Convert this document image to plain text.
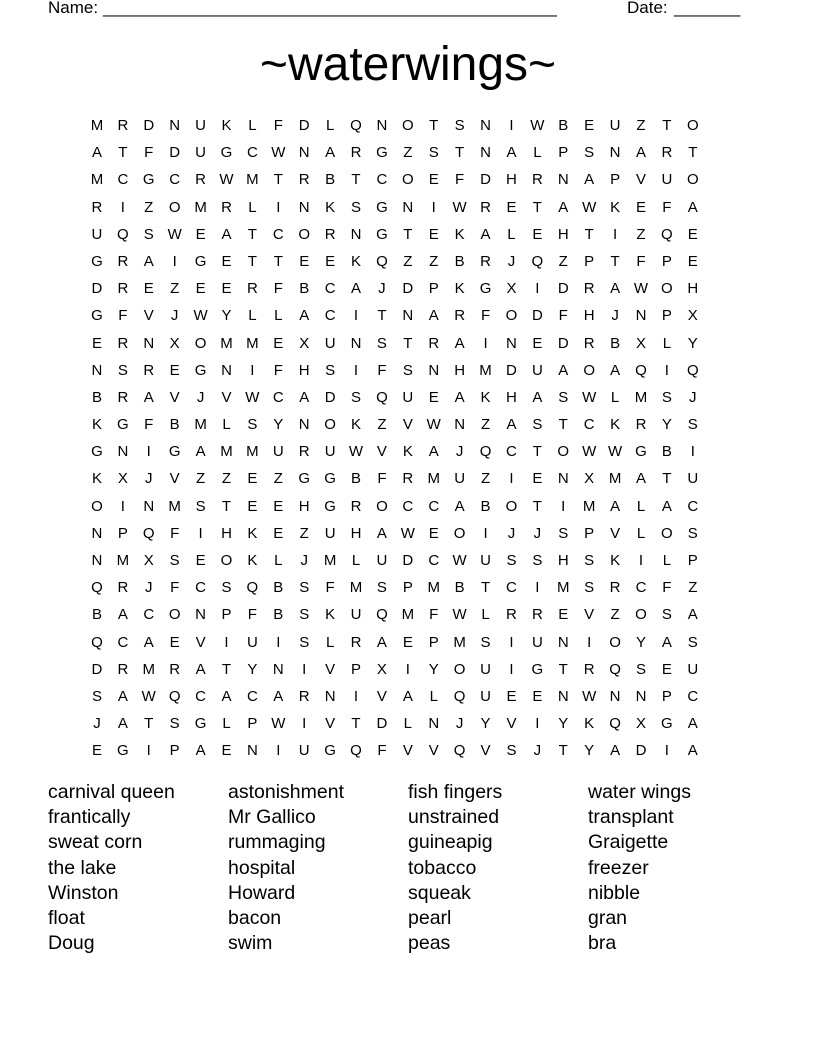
Name: ________________________________________________	Date: _______
~waterwings~
M R	D	N	U	K	L	F	D	L	Q N O	T	S	N	I	W B	E	U	Z	T	O
A	T	F	D	U G C W N	A	R G	Z	S	T	N	A	L	P	S	N	A	R	T
M C G C	R W M	T	R	B	T	C O	E	F	D	H	R	N	A	P	V	U O
R	I	Z	O M R	L	I	N	K	S	G N	I	W R	E	T	A W K	E	F	A
U Q	S W E	A	T	C O R	N G	T	E	K	A	L	E	H	T	I	Z	Q	E
G R	A	I	G	E	T	T	E	E	K	Q	Z	Z	B	R	J	Q	Z	P	T	F	P	E
D	R	E	Z	E	E	R	F	B	C	A	J	D	P	K	G	X	I	D	R	A W O H
G	F	V	J	W Y	L	L	A	C	I	T	N	A	R	F	O D	F	H	J	N	P	X
E	R	N	X	O M M E	X	U	N	S	T	R	A	I	N	E	D	R	B	X	L	Y
N	S	R	E	G N	I	F	H	S	I	F	S	N	H M D	U	A	O	A	Q	I	Q
B	R	A	V	J	V W C	A	D	S	Q U	E	A	K	H	A	S W L	M S	J
K	G	F	B M	L	S	Y	N O	K	Z	V W N	Z	A	S	T	C	K	R	Y	S
G N	I	G	A M M U	R	U W V	K	A	J	Q C	T	O W W G	B	I
K	X	J	V	Z	Z	E	Z	G G	B	F	R M U	Z	I	E	N	X M A	T	U
O	I	N M S	T	E	E	H G R O C	C	A	B	O	T	I	M A	L	A	C
N	P	Q	F	I	H	K	E	Z	U	H	A W E	O	I	J	J	S	P	V	L	O	S
N M X	S	E	O	K	L	J	M	L	U	D	C W U	S	S	H	S	K	I	L	P
Q R	J	F	C	S	Q	B	S	F	M S	P M B	T	C	I	M S	R	C	F	Z
B	A	C O N	P	F	B	S	K	U Q M	F W L	R	R	E	V	Z	O	S	A
Q C	A	E	V	I	U	I	S	L	R	A	E	P M S	I	U	N	I	O	Y	A	S
D	R M R	A	T	Y	N	I	V	P	X	I	Y	O U	I	G	T	R Q	S	E	U
S	A W Q C	A	C	A	R	N	I	V	A	L	Q U	E	E	N W N	N	P	C
J	A	T	S	G	L	P W	I	V	T	D	L	N	J	Y	V	I	Y	K	Q	X	G	A
E	G	I	P	A	E	N	I	U G Q	F	V	V	Q	V	S	J	T	Y	A	D	I	A
carnival queen	astonishment	fish fingers	water wings
frantically	Mr Gallico	unstrained	transplant
sweat corn	rummaging	guineapig	Graigette
the lake	hospital	tobacco	freezer
Winston	Howard	squeak	nibble
float	bacon	pearl	gran
Doug	swim	peas	bra
